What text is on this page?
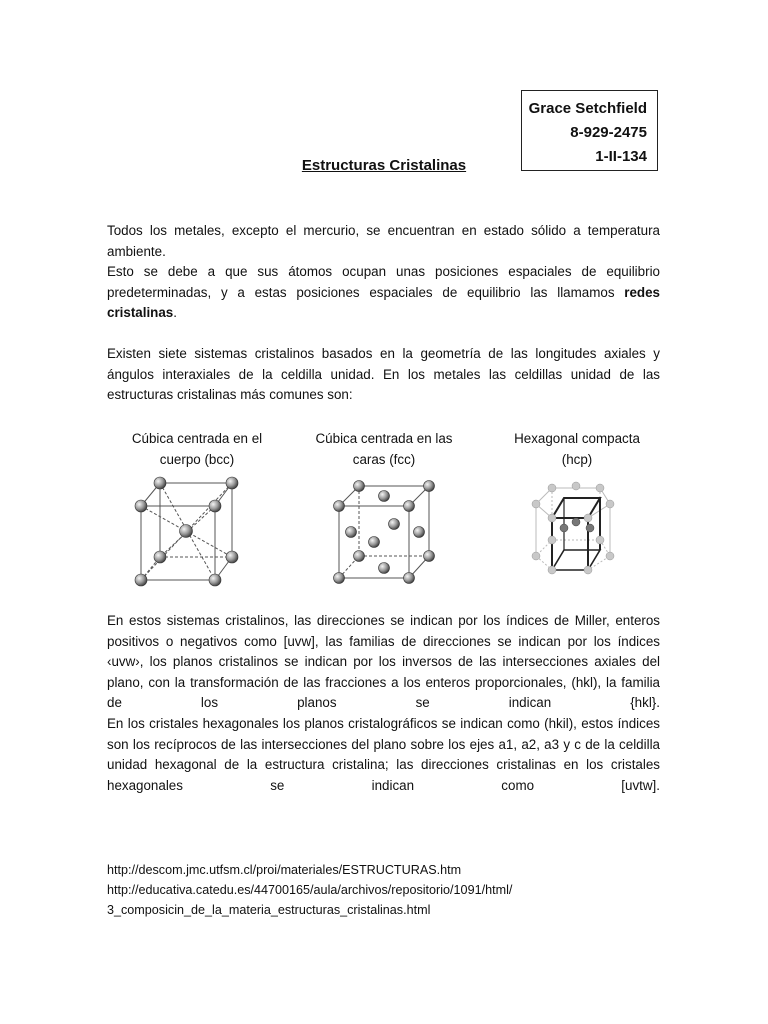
Grace Setchfield
8-929-2475
1-II-134
Estructuras Cristalinas
Todos los metales, excepto el mercurio, se encuentran en estado sólido a temperatura ambiente.
Esto se debe a que sus átomos ocupan unas posiciones espaciales de equilibrio predeterminadas, y a estas posiciones espaciales de equilibrio las llamamos redes cristalinas.
Existen siete sistemas cristalinos basados en la geometría de las longitudes axiales y ángulos interaxiales de la celdilla unidad. En los metales las celdillas unidad de las estructuras cristalinas más comunes son:
Cúbica centrada en el
cuerpo (bcc)
Cúbica centrada en las
caras (fcc)
Hexagonal compacta
(hcp)
En estos sistemas cristalinos, las direcciones se indican por los índices de Miller, enteros positivos o negativos como [uvw], las familias de direcciones se indican por los índices ‹uvw›, los planos cristalinos se indican por los inversos de las intersecciones axiales del plano, con la transformación de las fracciones a los enteros proporcionales, (hkl), la familia de los planos se indican {hkl}.
En los cristales hexagonales los planos cristalográficos se indican como (hkil), estos índices son los recíprocos de las intersecciones del plano sobre los ejes a1, a2, a3 y c de la celdilla unidad hexagonal de la estructura cristalina; las direcciones cristalinas en los cristales hexagonales se indican como [uvtw].
http://descom.jmc.utfsm.cl/proi/materiales/ESTRUCTURAS.htm
http://educativa.catedu.es/44700165/aula/archivos/repositorio/1091/html/
3_composicin_de_la_materia_estructuras_cristalinas.html
